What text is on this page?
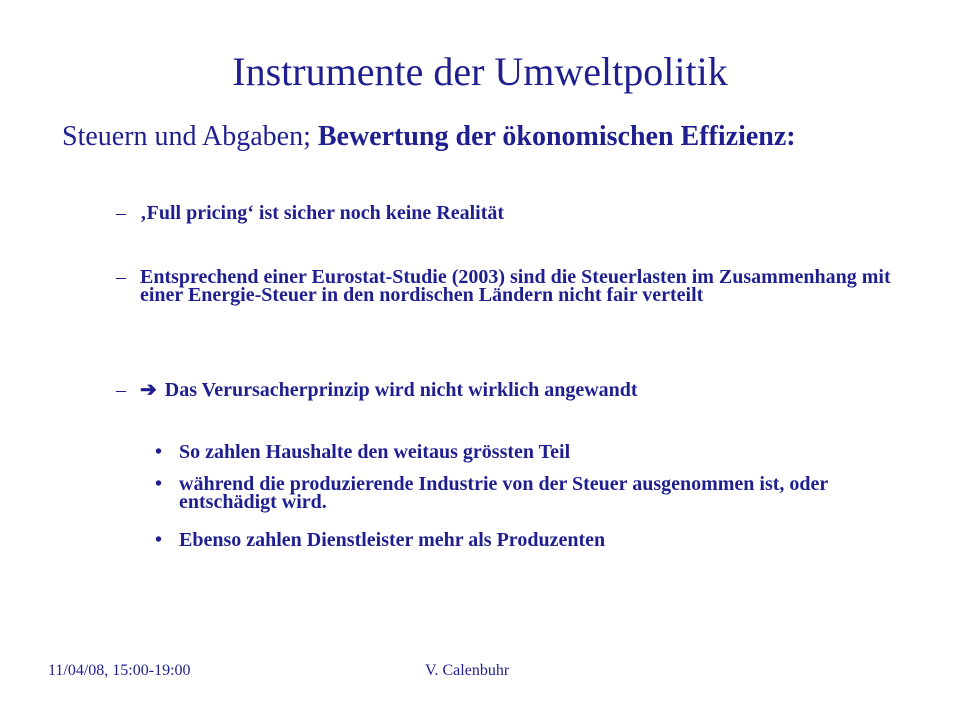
Instrumente der Umweltpolitik
Steuern und Abgaben; Bewertung der ökonomischen Effizienz:
– ‚Full pricing‘ ist sicher noch keine Realität
– Entsprechend einer Eurostat-Studie (2003) sind die Steuerlasten im Zusammenhang mit einer Energie-Steuer in den nordischen Ländern nicht fair verteilt
– ➔ Das Verursacherprinzip wird nicht wirklich angewandt
• So zahlen Haushalte den weitaus grössten Teil
• während die produzierende Industrie von der Steuer ausgenommen ist, oder entschädigt wird.
• Ebenso zahlen Dienstleister mehr als Produzenten
11/04/08, 15:00-19:00	V. Calenbuhr
